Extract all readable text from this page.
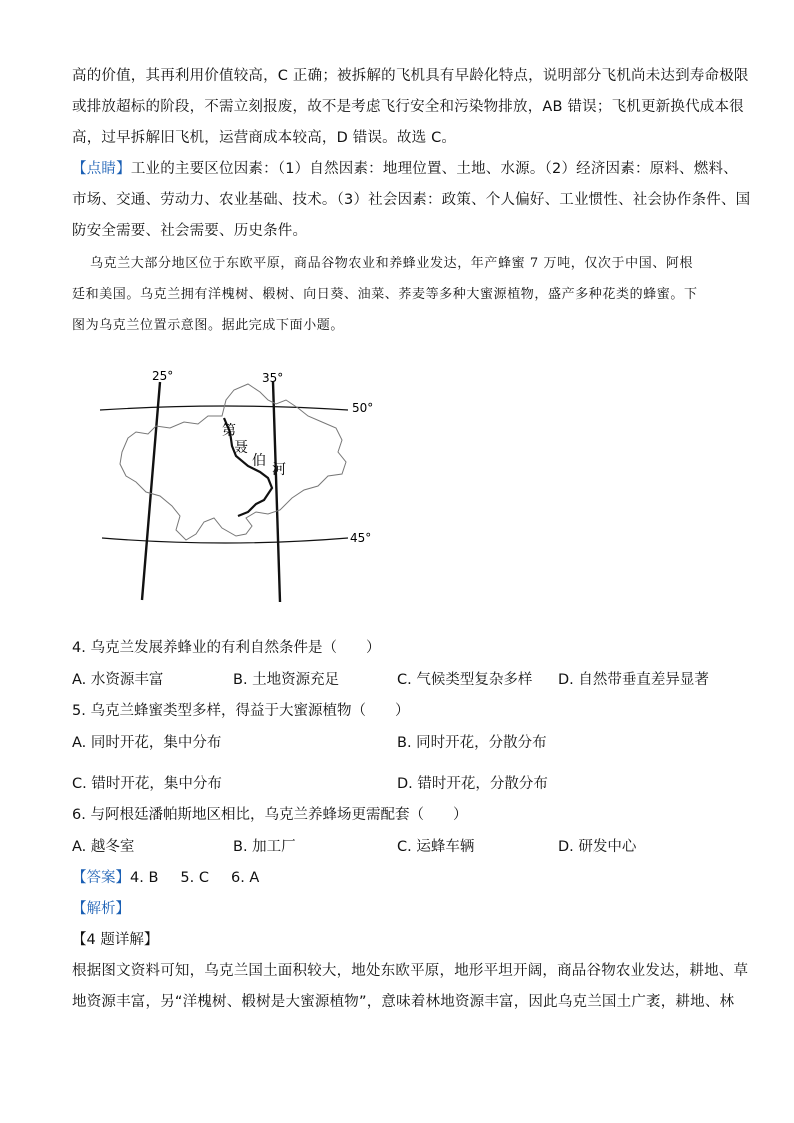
高的价值，其再利用价值较高，C 正确；被拆解的飞机具有早龄化特点，说明部分飞机尚未达到寿命极限
或排放超标的阶段，不需立刻报废，故不是考虑飞行安全和污染物排放，AB 错误；飞机更新换代成本很
高，过早拆解旧飞机，运营商成本较高，D 错误。故选 C。
【点睛】工业的主要区位因素：（1）自然因素：地理位置、土地、水源。（2）经济因素：原料、燃料、
市场、交通、劳动力、农业基础、技术。（3）社会因素：政策、个人偏好、工业惯性、社会协作条件、国
防安全需要、社会需要、历史条件。
乌克兰大部分地区位于东欧平原，商品谷物农业和养蜂业发达，年产蜂蜜 7 万吨，仅次于中国、阿根
廷和美国。乌克兰拥有洋槐树、椴树、向日葵、油菜、荞麦等多种大蜜源植物，盛产多种花类的蜂蜜。下
图为乌克兰位置示意图。据此完成下面小题。
第
聂
伯
河
25°	35°
50°
45°
4. 乌克兰发展养蜂业的有利自然条件是（　　）
A. 水资源丰富	B. 土地资源充足	C. 气候类型复杂多样 D. 自然带垂直差异显著
5. 乌克兰蜂蜜类型多样，得益于大蜜源植物（　　）
A. 同时开花，集中分布	B. 同时开花，分散分布
C. 错时开花，集中分布	D. 错时开花，分散分布
6. 与阿根廷潘帕斯地区相比，乌克兰养蜂场更需配套（　　）
A. 越冬室	B. 加工厂	C. 运蜂车辆	D. 研发中心
【答案】4. B 5. C 6. A
【解析】
【4 题详解】
根据图文资料可知，乌克兰国土面积较大，地处东欧平原，地形平坦开阔，商品谷物农业发达，耕地、草
地资源丰富，另“洋槐树、椴树是大蜜源植物”，意味着林地资源丰富，因此乌克兰国土广袤，耕地、林
